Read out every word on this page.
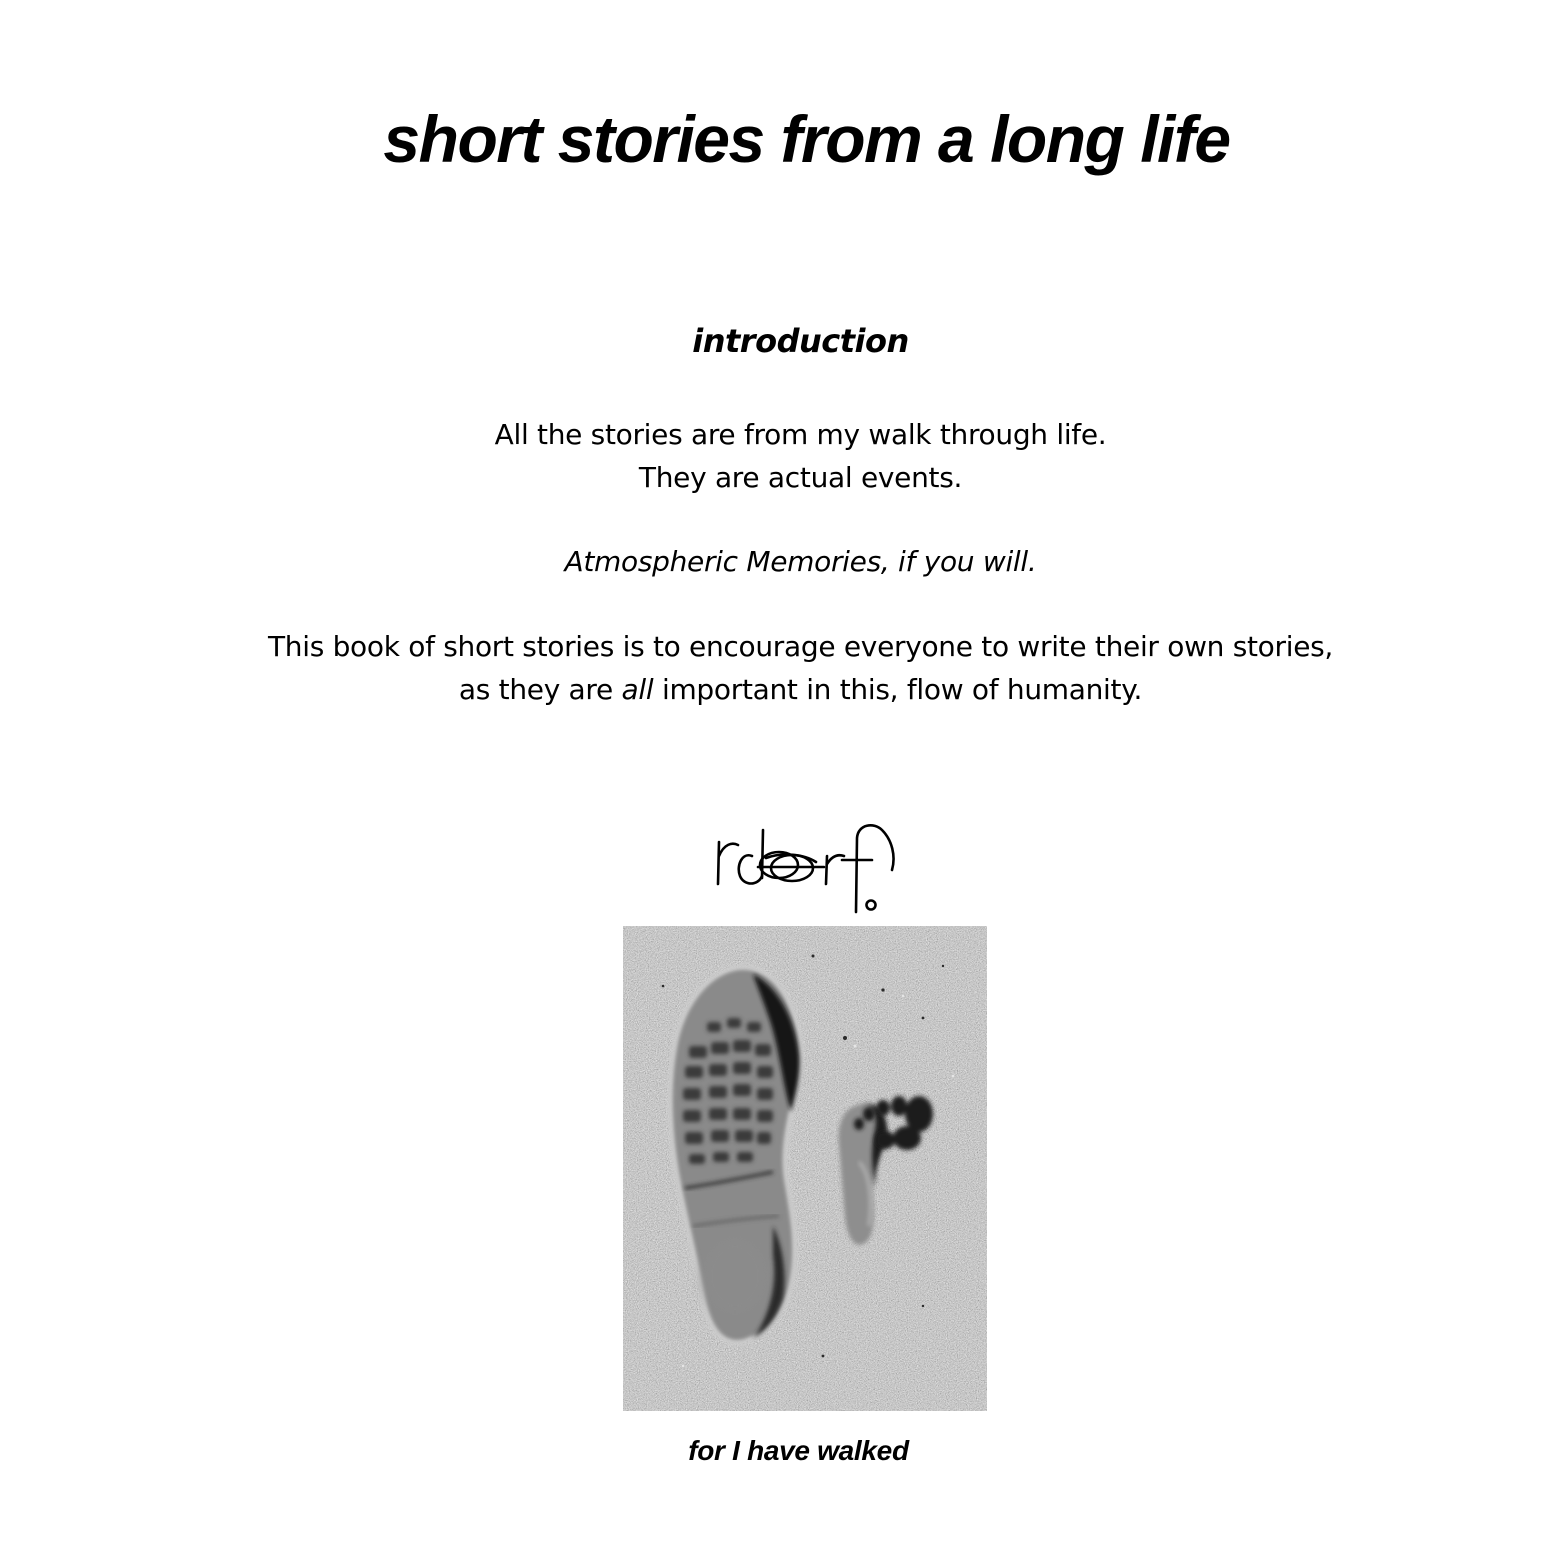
short stories from a long life
introduction
All the stories are from my walk through life.
They are actual events.
Atmospheric Memories, if you will.
This book of short stories is to encourage everyone to write their own stories,
as they are all important in this, flow of humanity.
for I have walked
